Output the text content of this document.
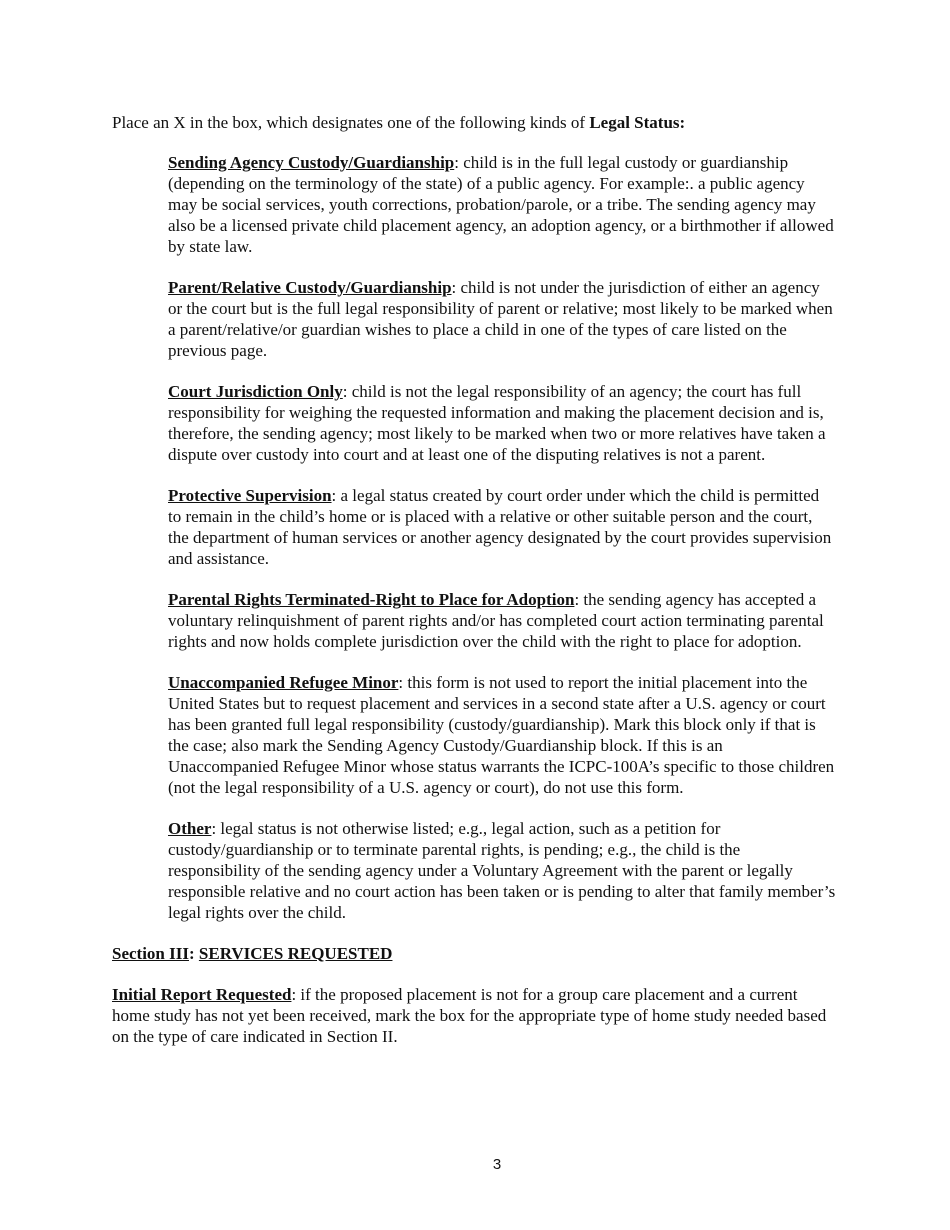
Place an X in the box, which designates one of the following kinds of Legal Status:

Sending Agency Custody/Guardianship: child is in the full legal custody or guardianship (depending on the terminology of the state) of a public agency. For example:. a public agency may be social services, youth corrections, probation/parole, or a tribe. The sending agency may also be a licensed private child placement agency, an adoption agency, or a birthmother if allowed by state law.

Parent/Relative Custody/Guardianship: child is not under the jurisdiction of either an agency or the court but is the full legal responsibility of parent or relative; most likely to be marked when a parent/relative/or guardian wishes to place a child in one of the types of care listed on the previous page.

Court Jurisdiction Only: child is not the legal responsibility of an agency; the court has full responsibility for weighing the requested information and making the placement decision and is, therefore, the sending agency; most likely to be marked when two or more relatives have taken a dispute over custody into court and at least one of the disputing relatives is not a parent.

Protective Supervision: a legal status created by court order under which the child is permitted to remain in the child’s home or is placed with a relative or other suitable person and the court, the department of human services or another agency designated by the court provides supervision and assistance.

Parental Rights Terminated-Right to Place for Adoption: the sending agency has accepted a voluntary relinquishment of parent rights and/or has completed court action terminating parental rights and now holds complete jurisdiction over the child with the right to place for adoption.

Unaccompanied Refugee Minor: this form is not used to report the initial placement into the United States but to request placement and services in a second state after a U.S. agency or court has been granted full legal responsibility (custody/guardianship). Mark this block only if that is the case; also mark the Sending Agency Custody/Guardianship block. If this is an Unaccompanied Refugee Minor whose status warrants the ICPC-100A’s specific to those children (not the legal responsibility of a U.S. agency or court), do not use this form.

Other: legal status is not otherwise listed; e.g., legal action, such as a petition for custody/guardianship or to terminate parental rights, is pending; e.g., the child is the responsibility of the sending agency under a Voluntary Agreement with the parent or legally responsible relative and no court action has been taken or is pending to alter that family member’s legal rights over the child.

Section III: SERVICES REQUESTED

Initial Report Requested: if the proposed placement is not for a group care placement and a current home study has not yet been received, mark the box for the appropriate type of home study needed based on the type of care indicated in Section II.

3
